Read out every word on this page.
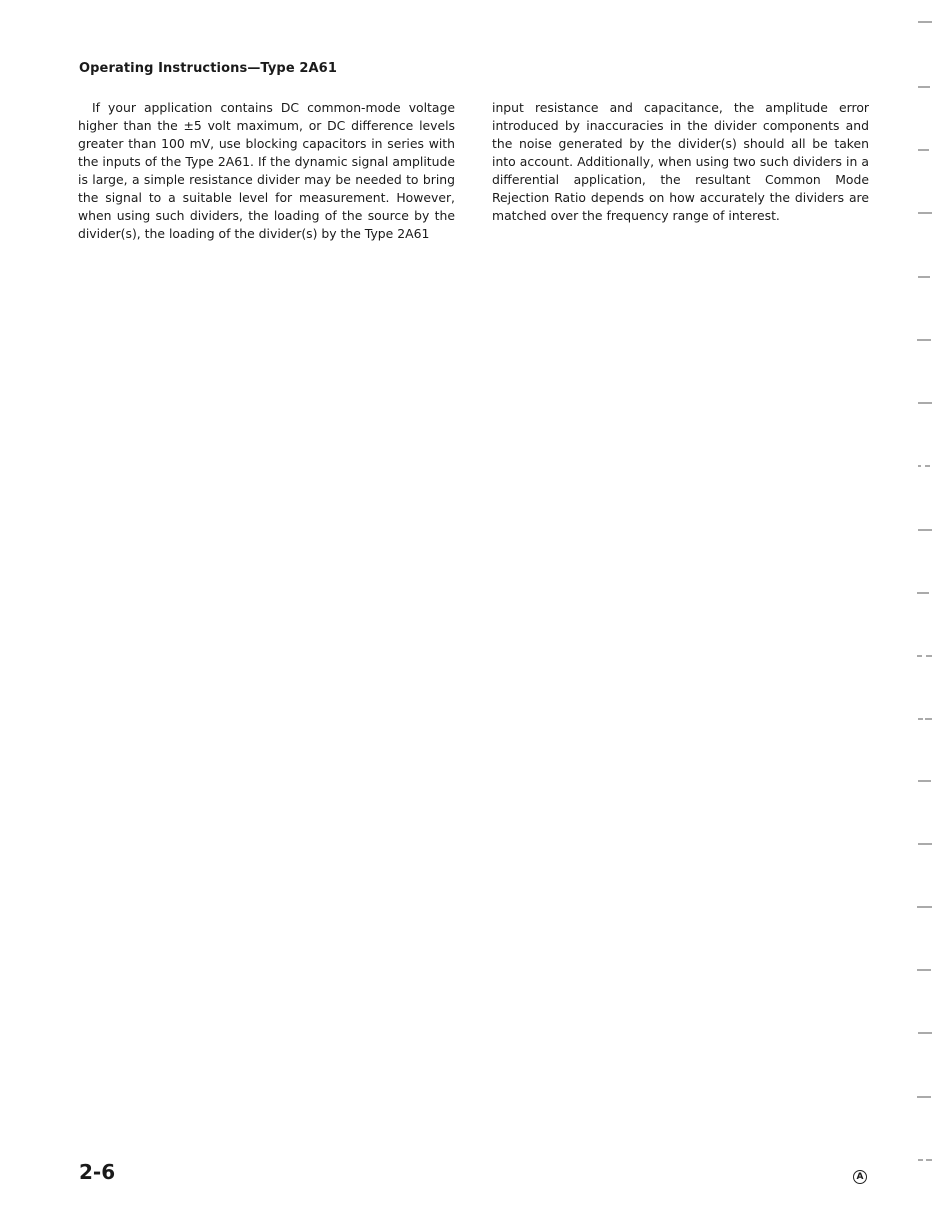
Operating Instructions—Type 2A61
If your application contains DC common-mode voltage higher than the ±5 volt maximum, or DC difference levels greater than 100 mV, use blocking capacitors in series with the inputs of the Type 2A61. If the dynamic signal amplitude is large, a simple resistance divider may be needed to bring the signal to a suitable level for measurement. However, when using such dividers, the loading of the source by the divider(s), the loading of the divider(s) by the Type 2A61
input resistance and capacitance, the amplitude error introduced by inaccuracies in the divider components and the noise generated by the divider(s) should all be taken into account. Additionally, when using two such dividers in a differential application, the resultant Common Mode Rejection Ratio depends on how accurately the dividers are matched over the frequency range of interest.
2-6	A
